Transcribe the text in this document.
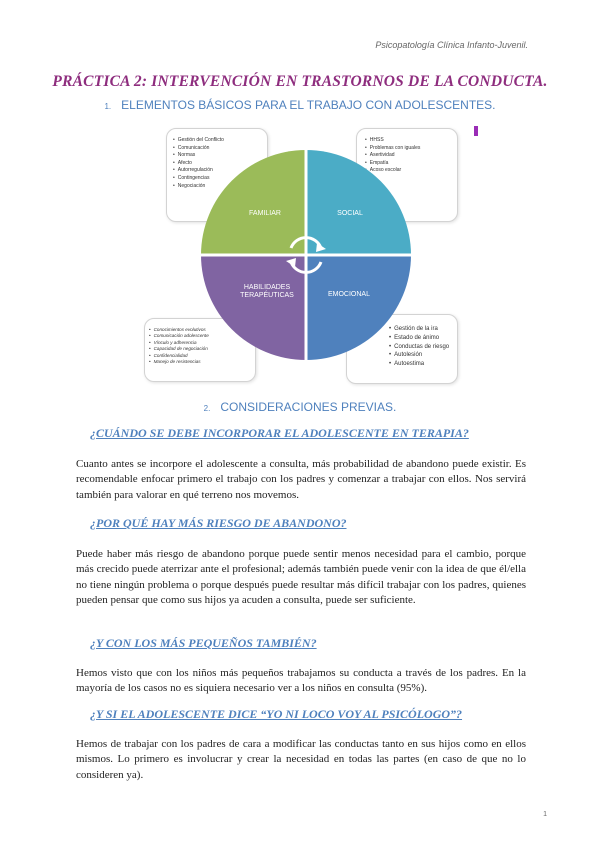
Psicopatología Clínica Infanto-Juvenil.
PRÁCTICA 2: INTERVENCIÓN EN TRASTORNOS DE LA CONDUCTA.
1. ELEMENTOS BÁSICOS PARA EL TRABAJO CON ADOLESCENTES.
• Gestión del Conflicto
• Comunicación
• Normas
• Afecto
• Autorregulación
• Contingencias
• Negociación
• HHSS
• Problemas con iguales
• Asertividad
• Empatía
• Acoso escolar
• Conocimientos evolutivos
• Comunicación adolescente
• Vínculo y adherencia
• Capacidad de negociación
• Confidencialidad
• Manejo de resistencias
• Gestión de la ira
• Estado de ánimo
• Conductas de riesgo
• Autolesión
• Autoestima
FAMILIAR	SOCIAL
HABILIDADES TERAPÉUTICAS	EMOCIONAL
2. CONSIDERACIONES PREVIAS.
¿CUÁNDO SE DEBE INCORPORAR EL ADOLESCENTE EN TERAPIA?

Cuanto antes se incorpore el adolescente a consulta, más probabilidad de abandono puede existir. Es recomendable enfocar primero el trabajo con los padres y comenzar a trabajar con ellos. Nos servirá también para valorar en qué terreno nos movemos.

¿POR QUÉ HAY MÁS RIESGO DE ABANDONO?

Puede haber más riesgo de abandono porque puede sentir menos necesidad para el cambio, porque más crecido puede aterrizar ante el profesional; además también puede venir con la idea de que él/ella no tiene ningún problema o porque después puede resultar más difícil trabajar con los padres, quienes pueden pensar que como sus hijos ya acuden a consulta, puede ser suficiente.

¿Y CON LOS MÁS PEQUEÑOS TAMBIÉN?

Hemos visto que con los niños más pequeños trabajamos su conducta a través de los padres. En la mayoría de los casos no es siquiera necesario ver a los niños en consulta (95%).

¿Y SI EL ADOLESCENTE DICE “YO NI LOCO VOY AL PSICÓLOGO”?

Hemos de trabajar con los padres de cara a modificar las conductas tanto en sus hijos como en ellos mismos. Lo primero es involucrar y crear la necesidad en todas las partes (en caso de que no lo consideren ya).

1
